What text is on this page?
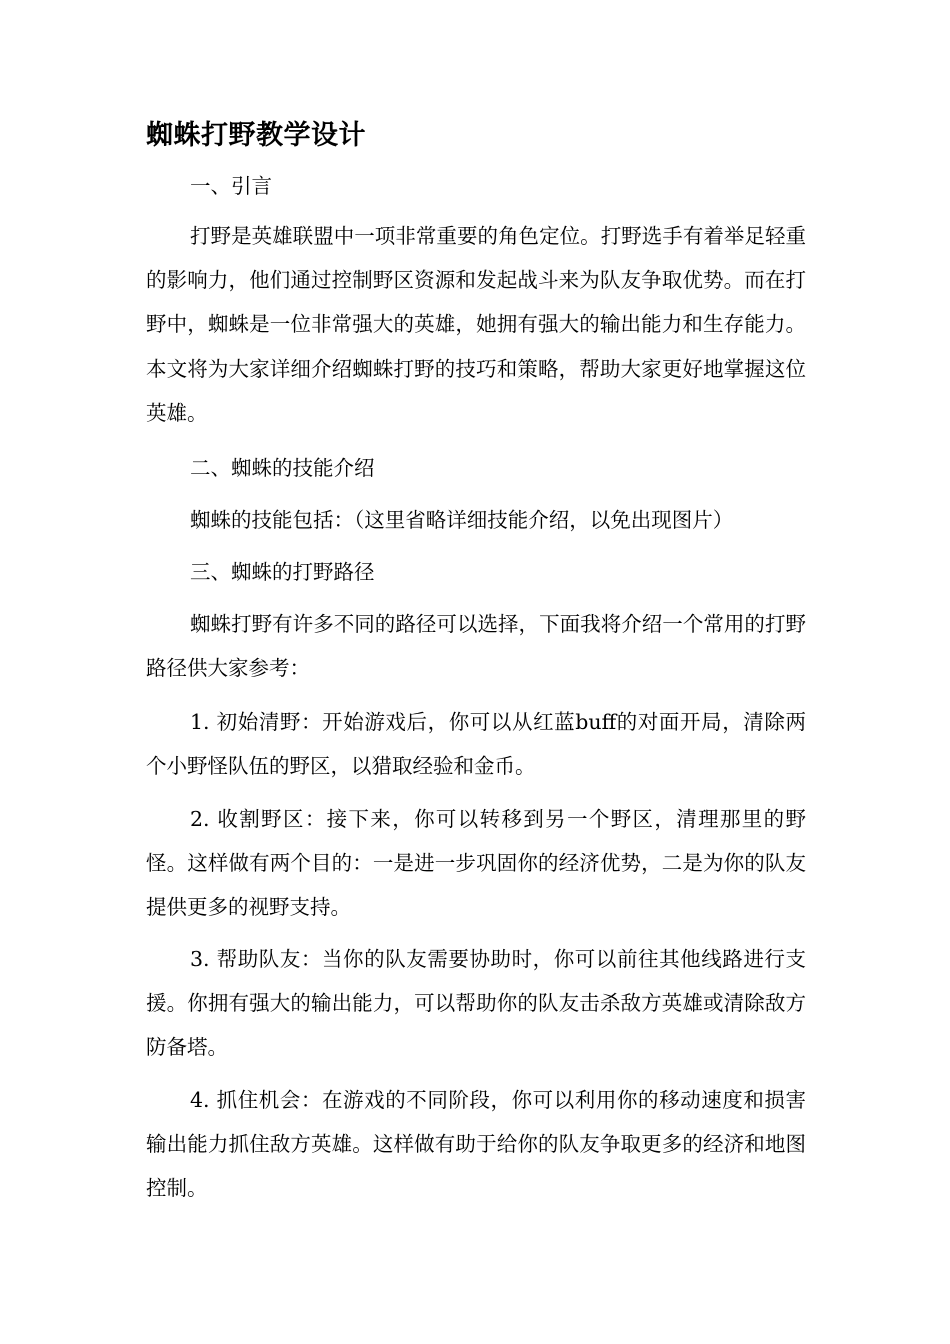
蜘蛛打野教学设计

一、引言

打野是英雄联盟中一项非常重要的角色定位。打野选手有着举足轻重的影响力，他们通过控制野区资源和发起战斗来为队友争取优势。而在打野中，蜘蛛是一位非常强大的英雄，她拥有强大的输出能力和生存能力。本文将为大家详细介绍蜘蛛打野的技巧和策略，帮助大家更好地掌握这位英雄。

二、蜘蛛的技能介绍

蜘蛛的技能包括：（这里省略详细技能介绍，以免出现图片）

三、蜘蛛的打野路径

蜘蛛打野有许多不同的路径可以选择，下面我将介绍一个常用的打野路径供大家参考：

1. 初始清野：开始游戏后，你可以从红蓝buff的对面开局，清除两个小野怪队伍的野区，以猎取经验和金币。

2. 收割野区：接下来，你可以转移到另一个野区，清理那里的野怪。这样做有两个目的：一是进一步巩固你的经济优势，二是为你的队友提供更多的视野支持。

3. 帮助队友：当你的队友需要协助时，你可以前往其他线路进行支援。你拥有强大的输出能力，可以帮助你的队友击杀敌方英雄或清除敌方防备塔。

4. 抓住机会：在游戏的不同阶段，你可以利用你的移动速度和损害输出能力抓住敌方英雄。这样做有助于给你的队友争取更多的经济和地图控制。
